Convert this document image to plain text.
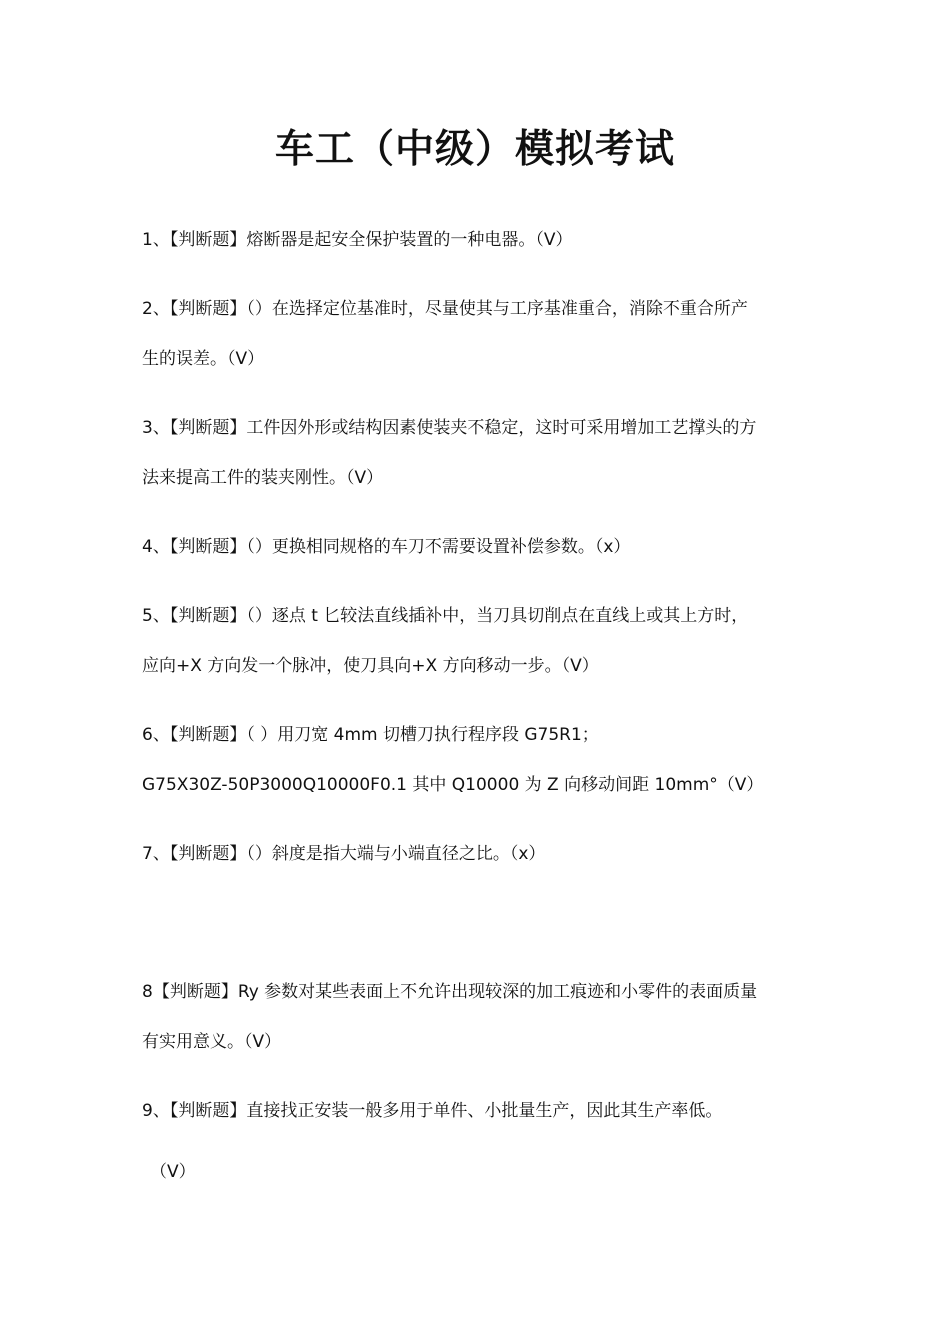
车工（中级）模拟考试
1、【判断题】熔断器是起安全保护装置的一种电器。（V）
2、【判断题】（）在选择定位基准时，尽量使其与工序基准重合，消除不重合所产
生的误差。（V）
3、【判断题】工件因外形或结构因素使装夹不稳定，这时可采用增加工艺撑头的方
法来提高工件的装夹刚性。（V）
4、【判断题】（）更换相同规格的车刀不需要设置补偿参数。（x）
5、【判断题】（）逐点 t 匕较法直线插补中，当刀具切削点在直线上或其上方时，
应向+X 方向发一个脉冲，使刀具向+X 方向移动一步。（V）
6、【判断题】（ ）用刀宽 4mm 切槽刀执行程序段 G75R1；
G75X30Z-50P3000Q10000F0.1 其中 Q10000 为 Z 向移动间距 10mm°（V）
7、【判断题】（）斜度是指大端与小端直径之比。（x）
8【判断题】Ry 参数对某些表面上不允许出现较深的加工痕迹和小零件的表面质量
有实用意义。（V）
9、【判断题】直接找正安装一般多用于单件、小批量生产，因此其生产率低。
（V）
